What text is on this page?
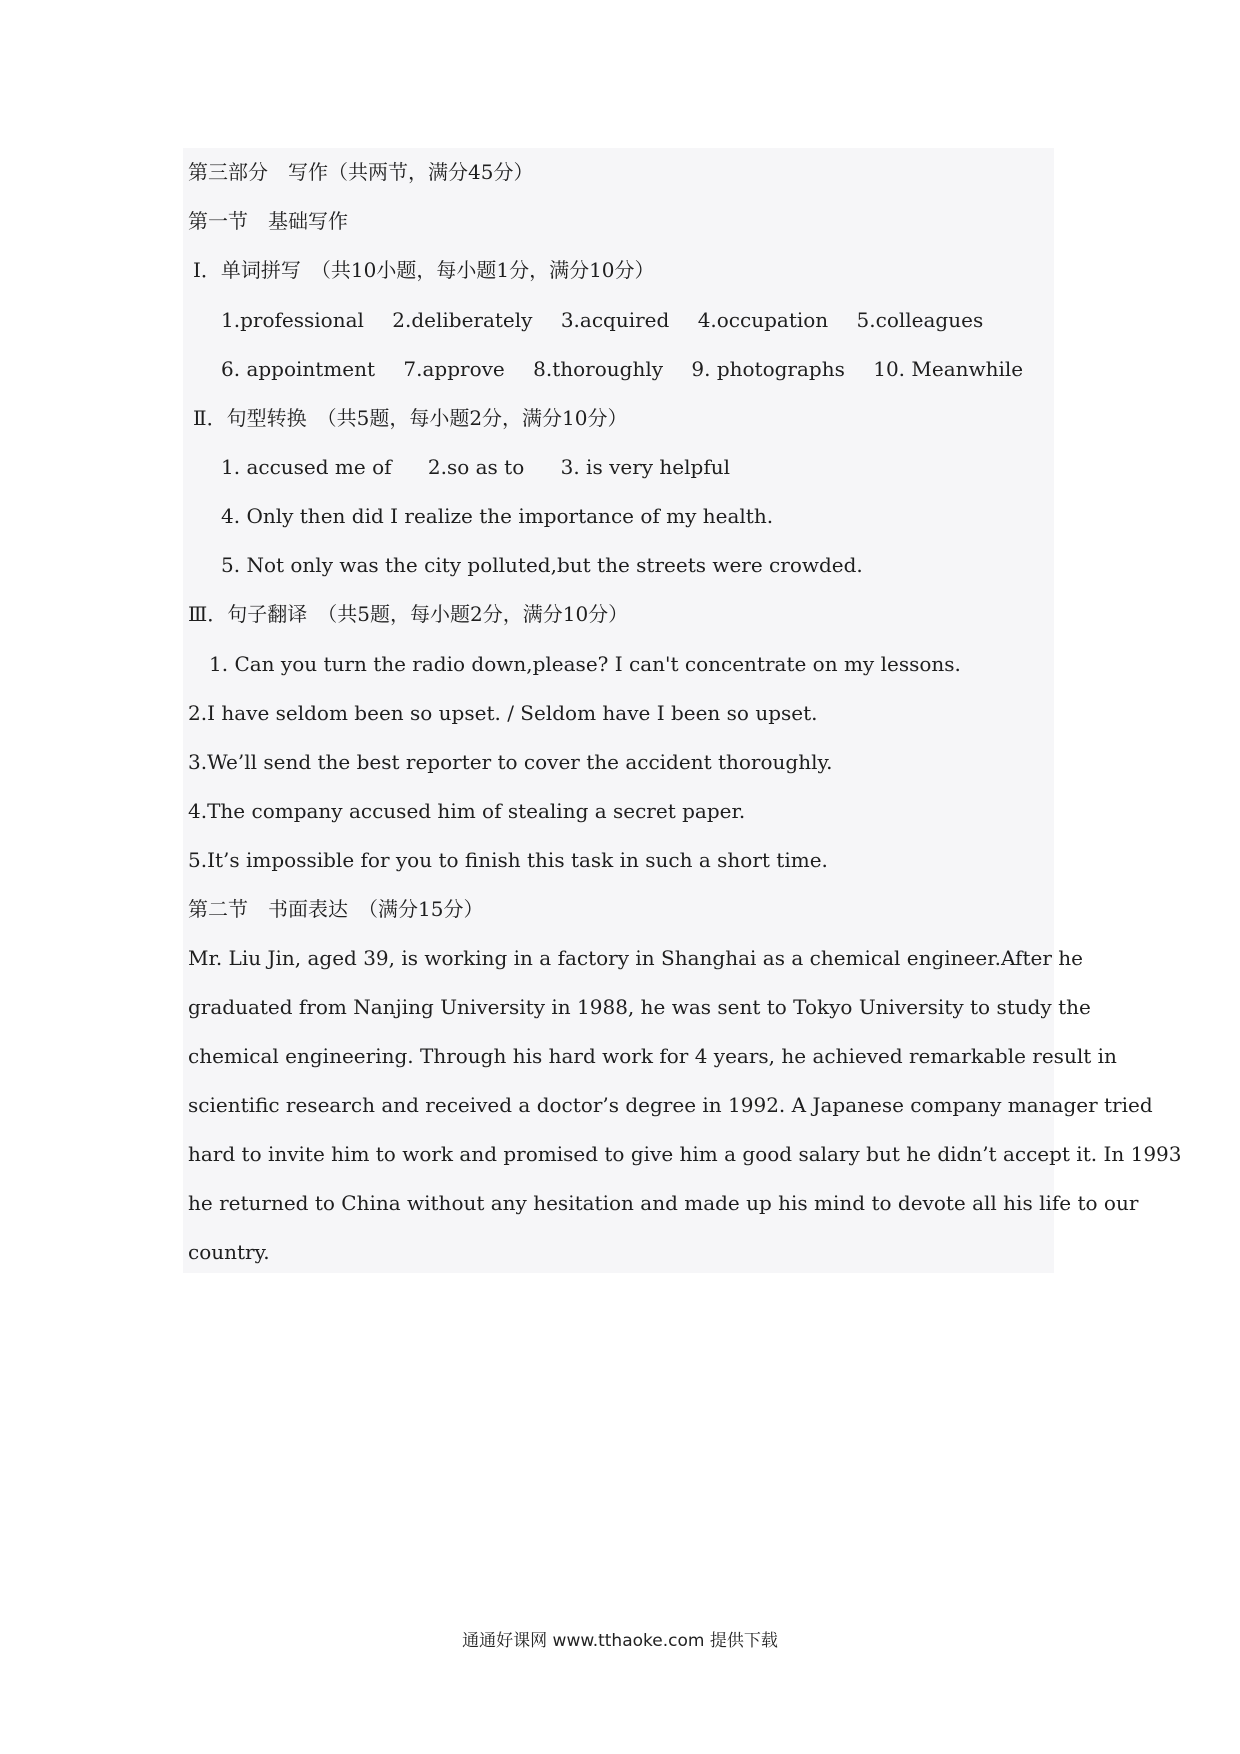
第三部分　写作（共两节，满分45分）
第一节　基础写作
Ⅰ．单词拼写　（共10小题，每小题1分，满分10分）
1.professional 2.deliberately 3.acquired 4.occupation 5.colleagues
6. appointment 7.approve 8.thoroughly 9. photographs 10. Meanwhile
Ⅱ．句型转换　（共5题，每小题2分，满分10分）
1. accused me of 2.so as to 3. is very helpful
4. Only then did I realize the importance of my health.
5. Not only was the city polluted,but the streets were crowded.
Ⅲ．句子翻译　（共5题，每小题2分，满分10分）
1. Can you turn the radio down,please? I can't concentrate on my lessons.
2.I have seldom been so upset. / Seldom have I been so upset.
3.We’ll send the best reporter to cover the accident thoroughly.
4.The company accused him of stealing a secret paper.
5.It’s impossible for you to finish this task in such a short time.
第二节　书面表达　（满分15分）
Mr. Liu Jin, aged 39, is working in a factory in Shanghai as a chemical engineer.After he
graduated from Nanjing University in 1988, he was sent to Tokyo University to study the
chemical engineering. Through his hard work for 4 years, he achieved remarkable result in
scientific research and received a doctor’s degree in 1992. A Japanese company manager tried
hard to invite him to work and promised to give him a good salary but he didn’t accept it. In 1993
he returned to China without any hesitation and made up his mind to devote all his life to our
country.
通通好课网 www.tthaoke.com 提供下载
